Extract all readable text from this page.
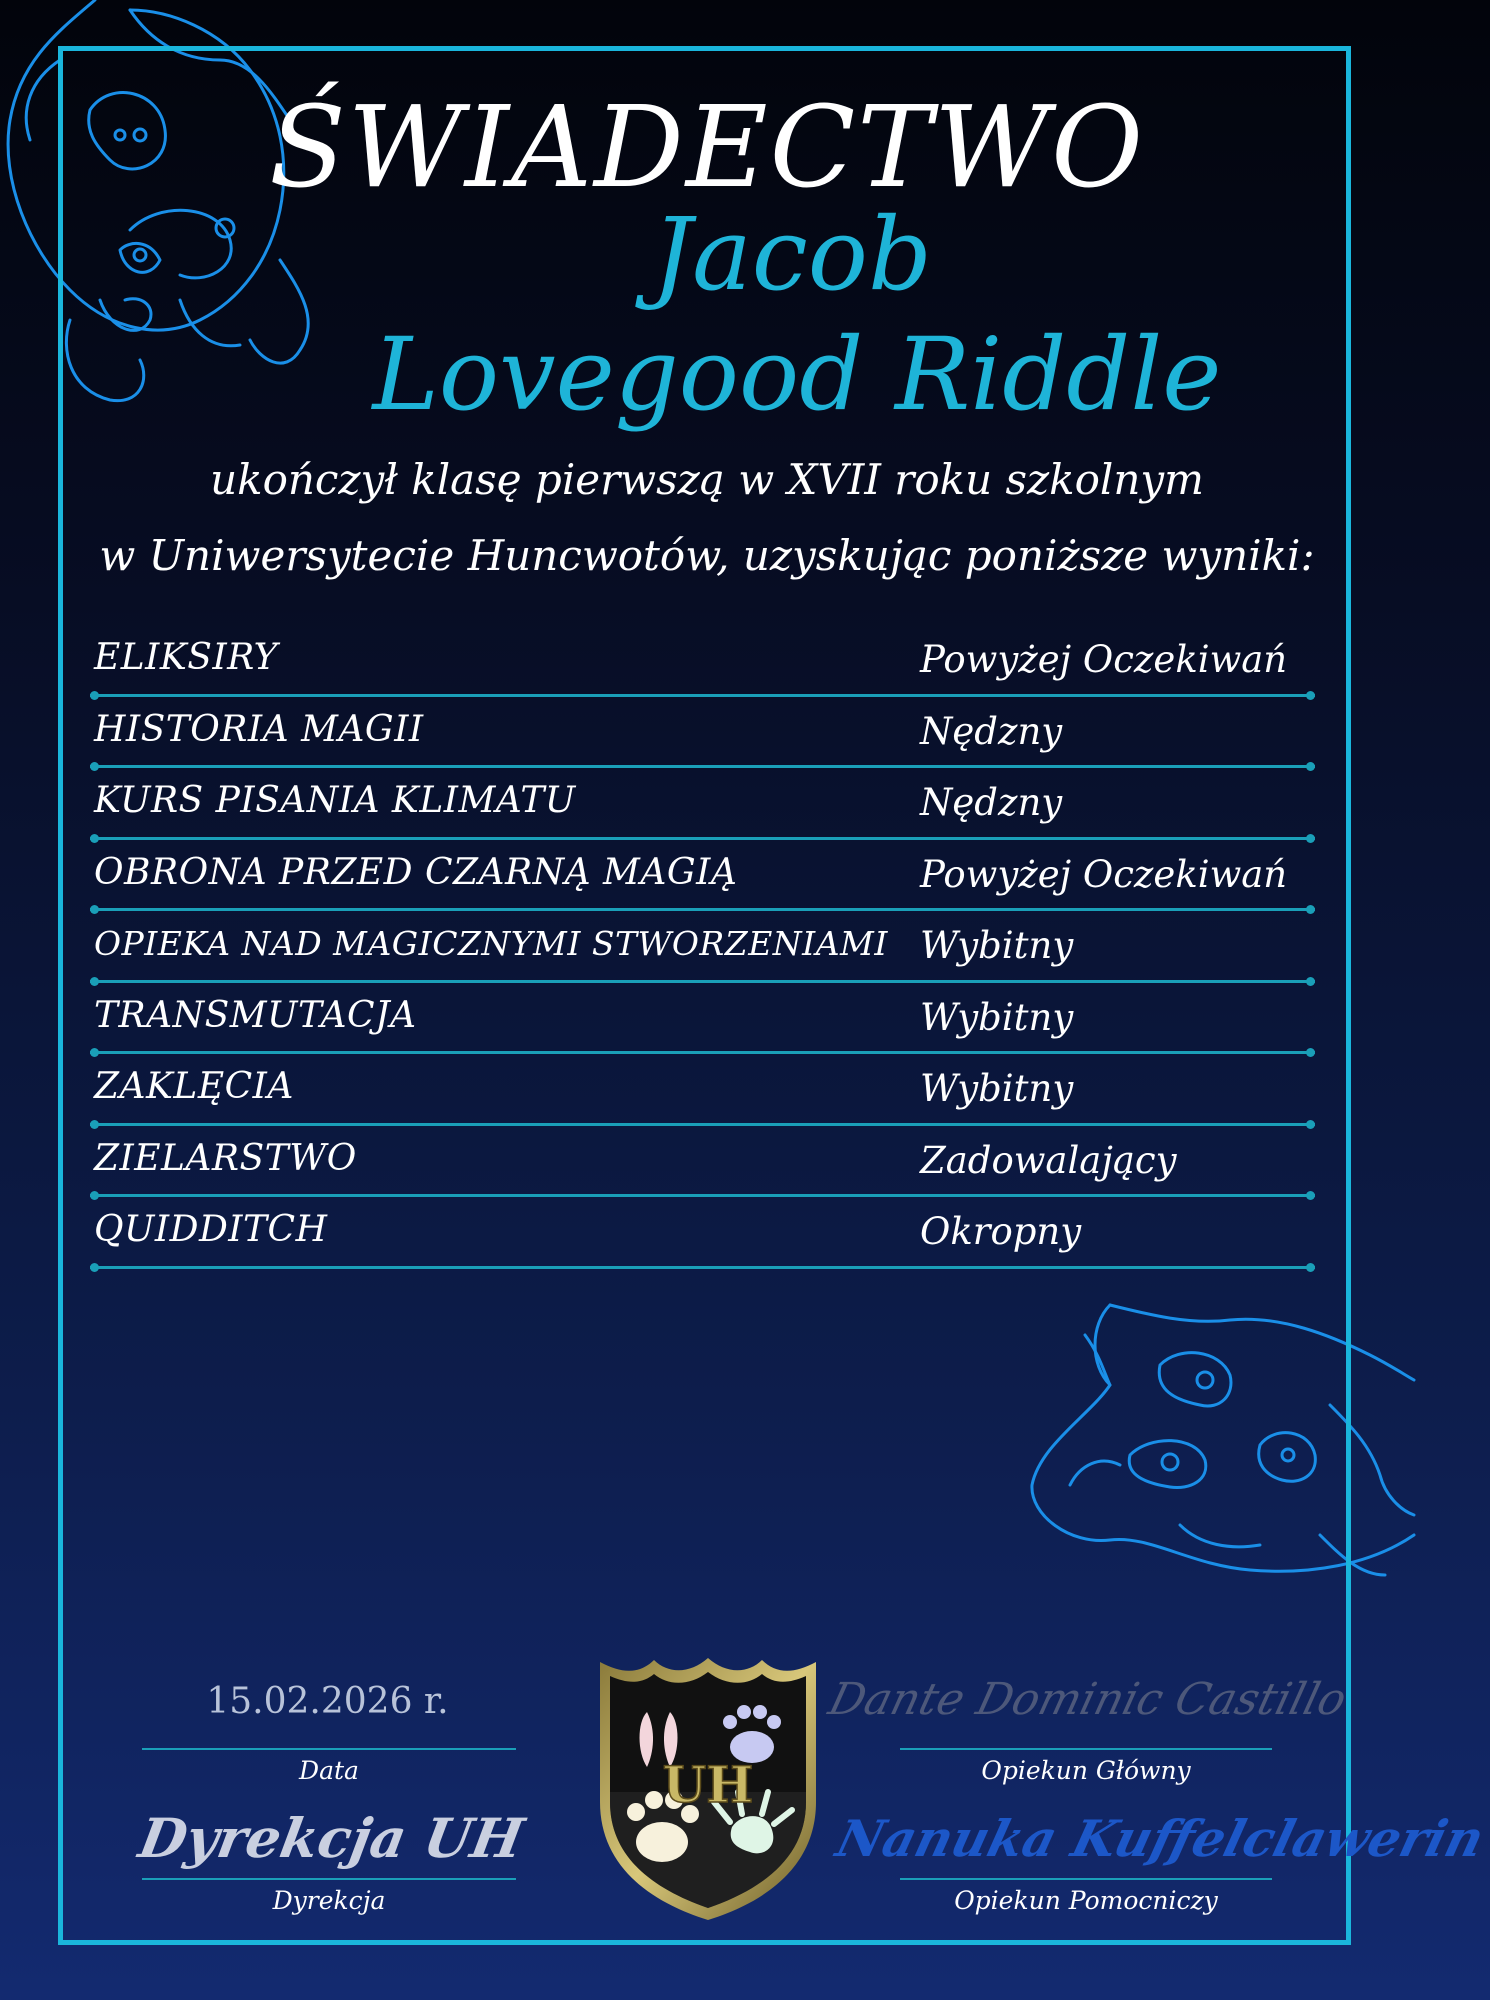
ŚWIADECTWO
Jacob
Lovegood Riddle
ukończył klasę pierwszą w XVII roku szkolnym
w Uniwersytecie Huncwotów, uzyskując poniższe wyniki:
ELIKSIRY	Powyżej Oczekiwań
HISTORIA MAGII	Nędzny
KURS PISANIA KLIMATU	Nędzny
OBRONA PRZED CZARNĄ MAGIĄ	Powyżej Oczekiwań
OPIEKA NAD MAGICZNYMI STWORZENIAMI Wybitny
TRANSMUTACJA	Wybitny
ZAKLĘCIA	Wybitny
ZIELARSTWO	Zadowalający
QUIDDITCH	Okropny
15.02.2026 r.
Data
Dyrekcja UH
Dyrekcja
UH
Dante Dominic Castillo
Opiekun Główny
Nanuka Kuffelclawerin
Opiekun Pomocniczy
